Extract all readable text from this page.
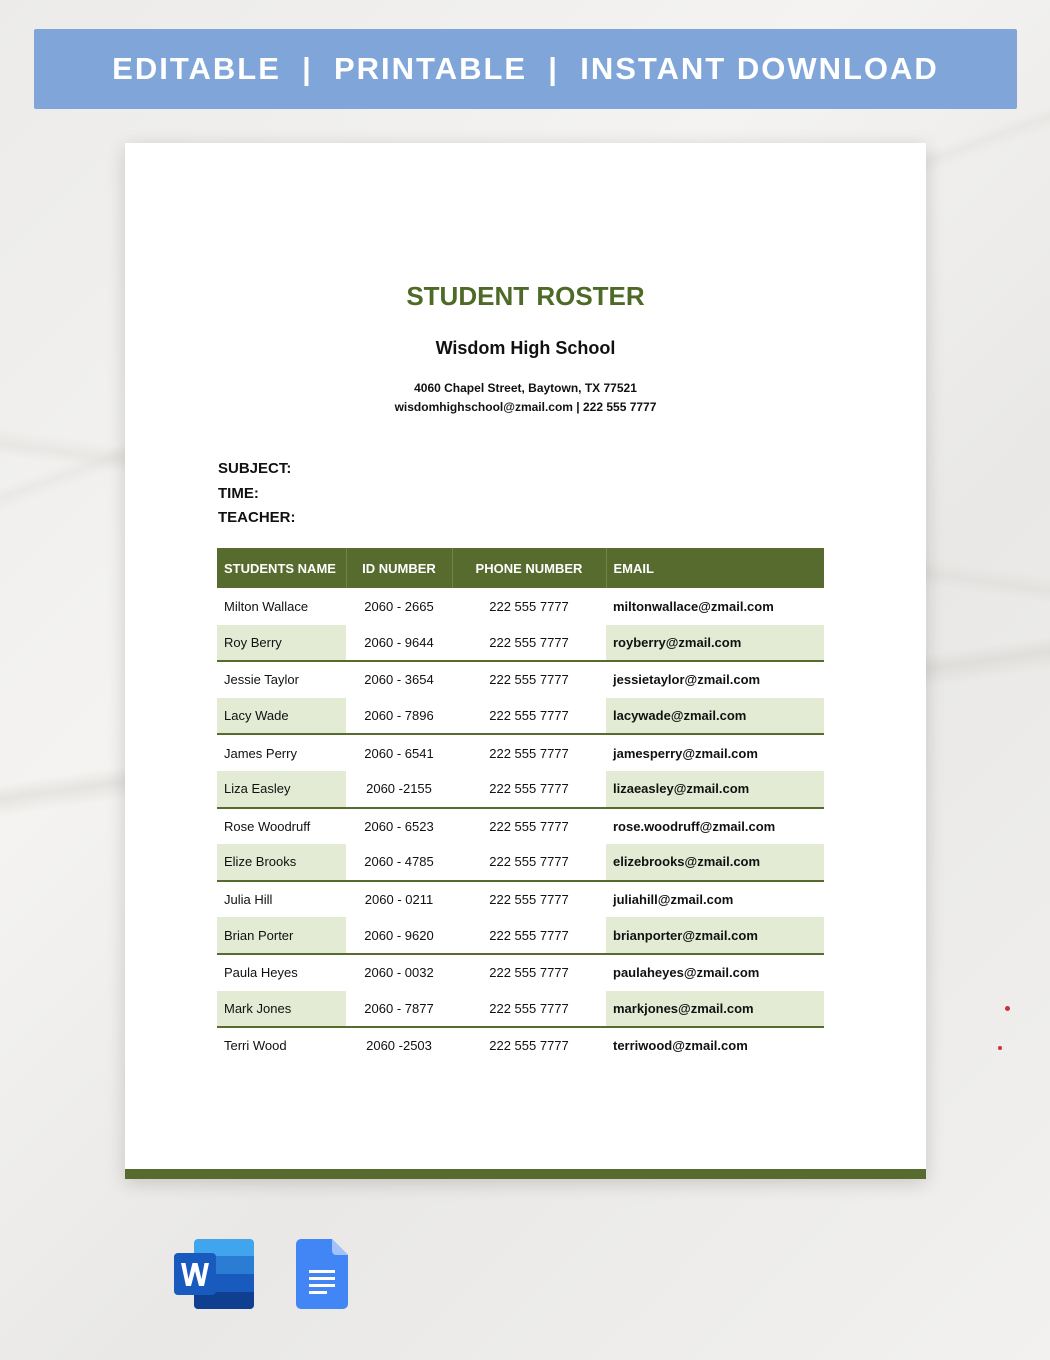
EDITABLE  |  PRINTABLE  |  INSTANT DOWNLOAD
STUDENT ROSTER
Wisdom High School
4060 Chapel Street, Baytown, TX 77521
wisdomhighschool@zmail.com | 222 555 7777
SUBJECT:
TIME:
TEACHER:
STUDENTS NAME	ID NUMBER	PHONE NUMBER	EMAIL
Milton Wallace	2060 - 2665	222 555 7777	miltonwallace@zmail.com
Roy Berry	2060 - 9644	222 555 7777	royberry@zmail.com
Jessie Taylor	2060 - 3654	222 555 7777	jessietaylor@zmail.com
Lacy Wade	2060 - 7896	222 555 7777	lacywade@zmail.com
James Perry	2060 - 6541	222 555 7777	jamesperry@zmail.com
Liza Easley	2060 -2155	222 555 7777	lizaeasley@zmail.com
Rose Woodruff	2060 - 6523	222 555 7777	rose.woodruff@zmail.com
Elize Brooks	2060 - 4785	222 555 7777	elizebrooks@zmail.com
Julia Hill	2060 - 0211	222 555 7777	juliahill@zmail.com
Brian Porter	2060 - 9620	222 555 7777	brianporter@zmail.com
Paula Heyes	2060 - 0032	222 555 7777	paulaheyes@zmail.com
Mark Jones	2060 - 7877	222 555 7777	markjones@zmail.com
Terri Wood	2060 -2503	222 555 7777	terriwood@zmail.com
